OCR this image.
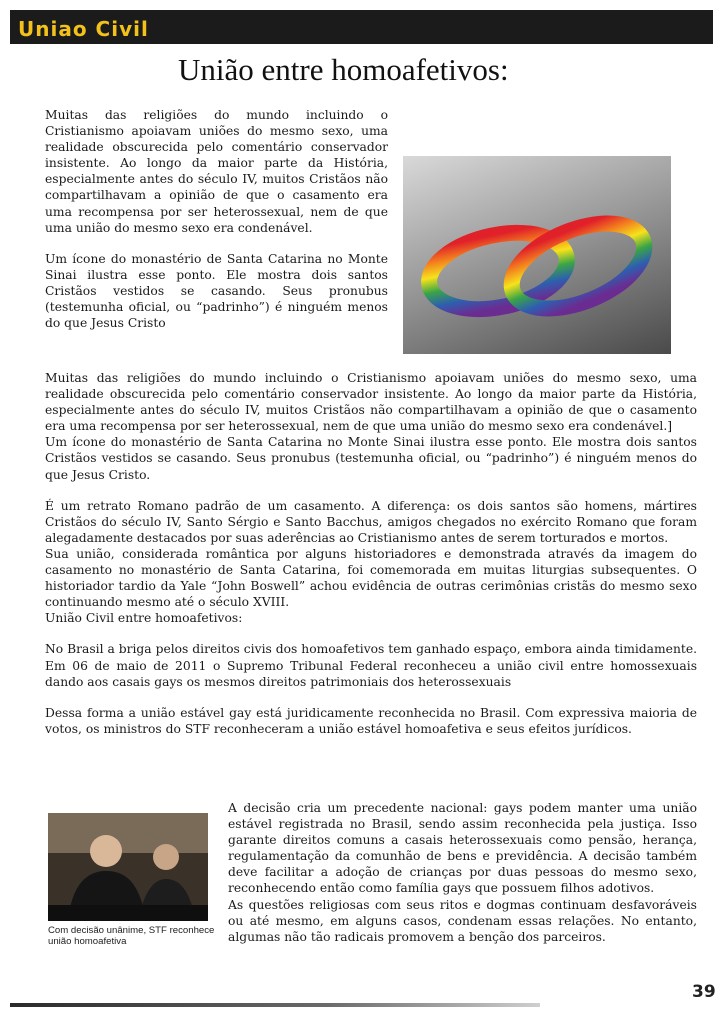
Uniao Civil
União entre homoafetivos:

Muitas das religiões do mundo incluindo o Cristianismo apoiavam uniões do mesmo sexo, uma realidade obscurecida pelo comentário conservador insistente. Ao longo da maior parte da História, especialmente antes do século IV, muitos Cristãos não compartilhavam a opinião de que o casamento era uma recompensa por ser heterossexual, nem de que uma união do mesmo sexo era condenável.

Um ícone do monastério de Santa Catarina no Monte Sinai ilustra esse ponto. Ele mostra dois santos Cristãos vestidos se casando. Seus pronubus (testemunha oficial, ou “padrinho”) é ninguém menos do que Jesus Cristo

Muitas das religiões do mundo incluindo o Cristianismo apoiavam uniões do mesmo sexo, uma realidade obscurecida pelo comentário conservador insistente. Ao longo da maior parte da História, especialmente antes do século IV, muitos Cristãos não compartilhavam a opinião de que o casamento era uma recompensa por ser heterossexual, nem de que uma união do mesmo sexo era condenável.]

Um ícone do monastério de Santa Catarina no Monte Sinai ilustra esse ponto. Ele mostra dois santos Cristãos vestidos se casando. Seus pronubus (testemunha oficial, ou “padrinho”) é ninguém menos do que Jesus Cristo.

É um retrato Romano padrão de um casamento. A diferença: os dois santos são homens, mártires Cristãos do século IV, Santo Sérgio e Santo Bacchus, amigos chegados no exército Romano que foram alegadamente destacados por suas aderências ao Cristianismo antes de serem torturados e mortos.

Sua união, considerada romântica por alguns historiadores e demonstrada através da imagem do casamento no monastério de Santa Catarina, foi comemorada em muitas liturgias subsequentes. O historiador tardio da Yale “John Boswell” achou evidência de outras cerimônias cristãs do mesmo sexo continuando mesmo até o século XVIII.

União Civil entre homoafetivos:

No Brasil a briga pelos direitos civis dos homoafetivos tem ganhado espaço, embora ainda timidamente. Em 06 de maio de 2011 o Supremo Tribunal Federal reconheceu a união civil entre homossexuais dando aos casais gays os mesmos direitos patrimoniais dos heterossexuais

Dessa forma a união estável gay está juridicamente reconhecida no Brasil. Com expressiva maioria de votos, os ministros do STF reconheceram a união estável homoafetiva e seus efeitos jurídicos.

Com decisão unânime, STF reconhece união homoafetiva

A decisão cria um precedente nacional: gays podem manter uma união estável registrada no Brasil, sendo assim reconhecida pela justiça. Isso garante direitos comuns a casais heterossexuais como pensão, herança, regulamentação da comunhão de bens e previdência. A decisão também deve facilitar a adoção de crianças por duas pessoas do mesmo sexo, reconhecendo então como família gays que possuem filhos adotivos.

As questões religiosas com seus ritos e dogmas continuam desfavoráveis ou até mesmo, em alguns casos, condenam essas relações. No entanto, algumas não tão radicais promovem a benção dos parceiros.

39
